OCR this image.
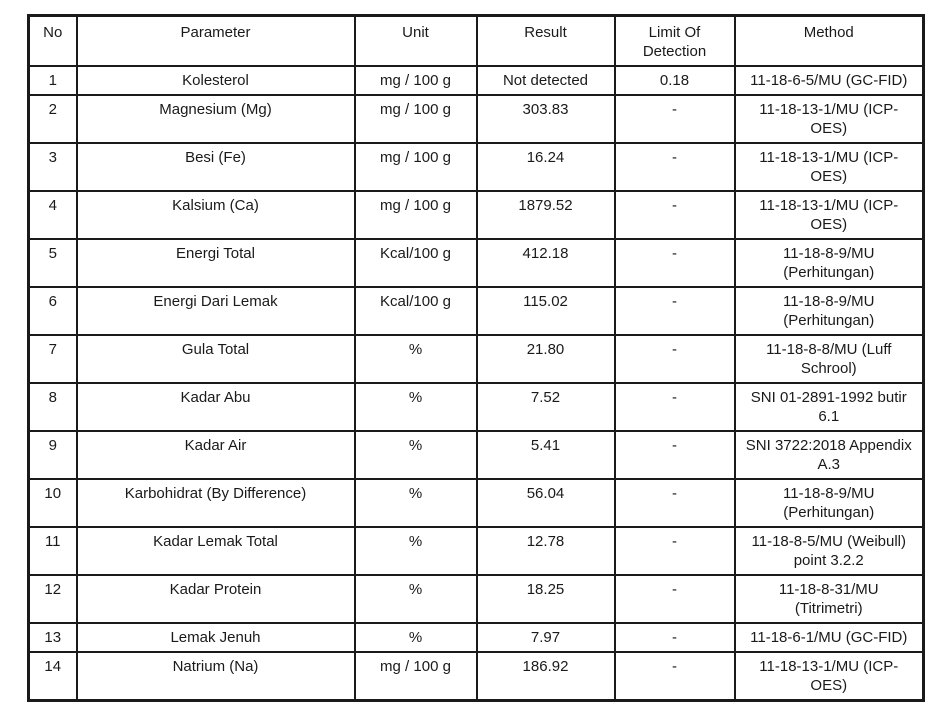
No	Parameter	Unit	Result	Limit Of Detection	Method
1	Kolesterol	mg / 100 g	Not detected	0.18	11-18-6-5/MU (GC-FID)
2	Magnesium (Mg)	mg / 100 g	303.83	-	11-18-13-1/MU (ICP-OES)
3	Besi (Fe)	mg / 100 g	16.24	-	11-18-13-1/MU (ICP-OES)
4	Kalsium (Ca)	mg / 100 g	1879.52	-	11-18-13-1/MU (ICP-OES)
5	Energi Total	Kcal/100 g	412.18	-	11-18-8-9/MU (Perhitungan)
6	Energi Dari Lemak	Kcal/100 g	115.02	-	11-18-8-9/MU (Perhitungan)
7	Gula Total	%	21.80	-	11-18-8-8/MU (Luff Schrool)
8	Kadar Abu	%	7.52	-	SNI 01-2891-1992 butir 6.1
9	Kadar Air	%	5.41	-	SNI 3722:2018 Appendix A.3
10	Karbohidrat (By Difference)	%	56.04	-	11-18-8-9/MU (Perhitungan)
11	Kadar Lemak Total	%	12.78	-	11-18-8-5/MU (Weibull) point 3.2.2
12	Kadar Protein	%	18.25	-	11-18-8-31/MU (Titrimetri)
13	Lemak Jenuh	%	7.97	-	11-18-6-1/MU (GC-FID)
14	Natrium (Na)	mg / 100 g	186.92	-	11-18-13-1/MU (ICP-OES)
